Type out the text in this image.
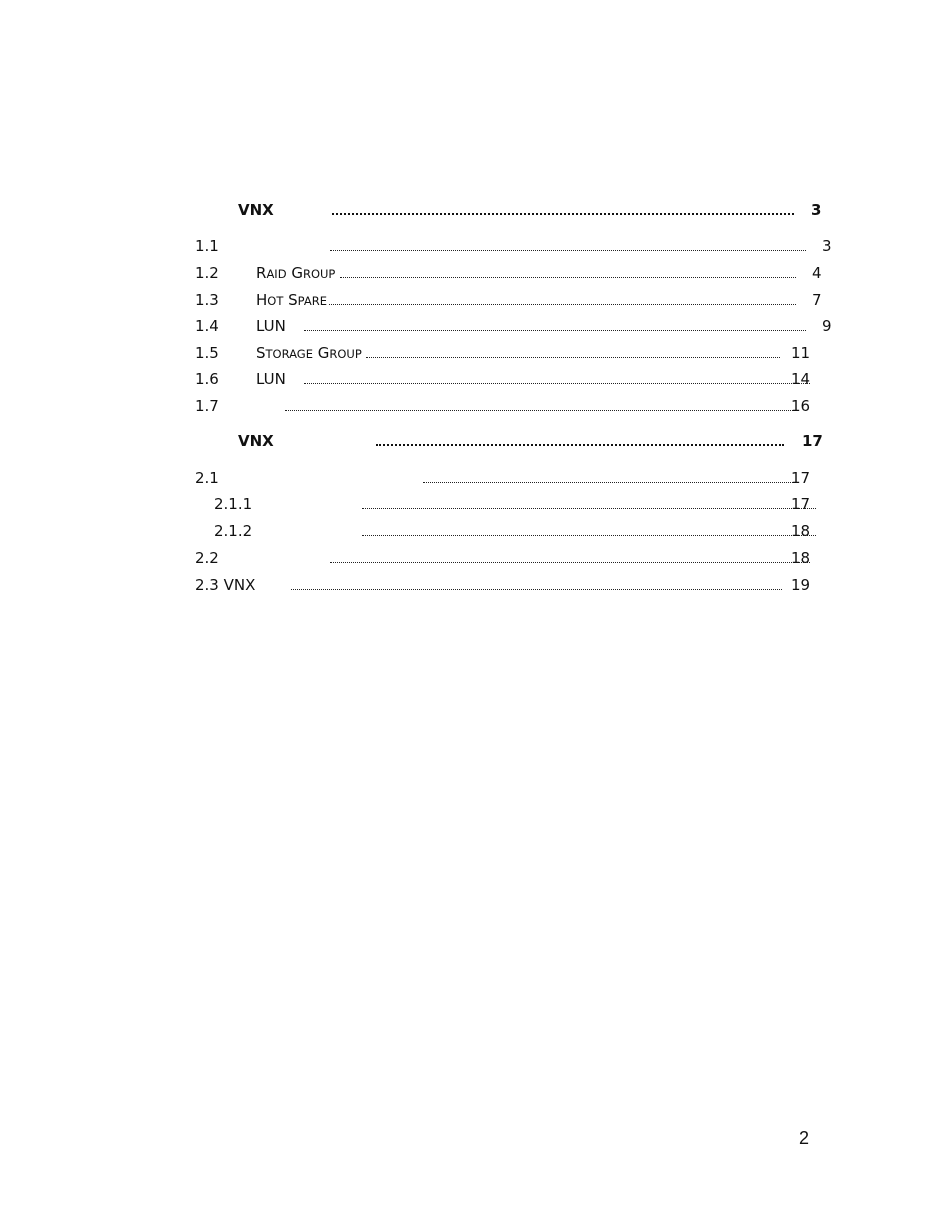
VNX	3
1.1	3
1.2 RAID GROUP	4
1.3 HOT SPARE	7
1.4 LUN	9
1.5 STORAGE GROUP	11
1.6 LUN	14
1.7	16
VNX	17
2.1	17
2.1.1	17
2.1.2	18
2.2	18
2.3 VNX	19
2
